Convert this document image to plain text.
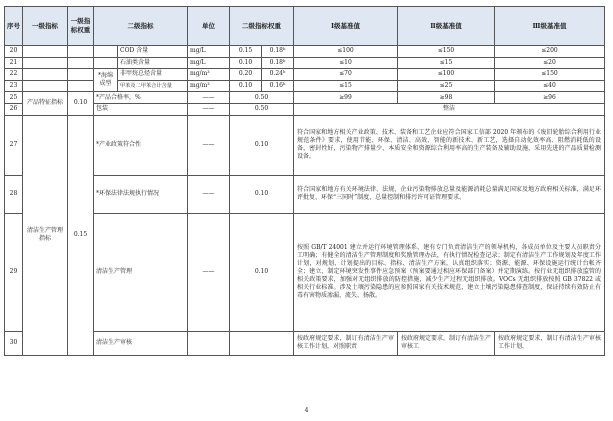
序号	一级指标	一级指标权重	二级指标		单位	二级指标权重		Ⅰ级基准值	Ⅱ级基准值	Ⅲ级基准值
20				COD 含量	mg/L	0.15	0.18ᵇ	≤100	≤150	≤200
21				石油类含量	mg/L	0.10	0.18ᵇ	≤10	≤15	≤20
22			*海绵成型	非甲烷总烃含量	mg/m³	0.20	0.24ᵇ	≤70	≤100	≤150
23				甲苯及二甲苯合计含量	mg/m³	0.10	0.16ᵇ	≤15	≤25	≤40
25	产品特征指标	0.10	*产品合格率，%		——	0.50		≥99	≥98	≥96
26			包装		——	0.50		整洁		
27	清洁生产管理指标	0.15	*产业政策符合性		——	0.10		符合国家和地方相关产业政策、技术、装备和工艺企业应符合国家工信部 2020 年颁布的《废旧轮胎综合利用行业规范条件》要求，使用节能、环保、清洁、高效、智能的新技术、新工艺，选择自动化效率高、阻燃消耗低的设备，密封性好，污染物产排量少、本质安全和资源综合利用率高的生产装备及辅助设施，采用先进的产品质量检测设备。		
28			*环保法律法规执行情况		——	0.10		符合国家和地方有关环境法律、法规，企业污染物排放总量及能源消耗总量满足国家及地方政府相关标准，满足环评批复、环保“三同时”制度、总量控制和排污许可证管理要求。		
29			清洁生产管理		——	0.10		按照 GB/T 24001 建立并运行环境管理体系，建有专门负责清洁生产的领导机构，各成员单位及主要人员职责分工明确；有健全的清洁生产管理制度和奖励管理办法，有执行情况检查记录；制定有清洁生产工作规划及年度工作计划，对规划、计划提出的目标、指标、清洁生产方案，认真组织落实；资源、能源、环保设施运行统计台帐齐全；建立、制定环境突发性事件应急预案（预案要通过相应环保部门备案）并定期演练。按行业无组织排放监管的相关政策要求，加强对无组织排放的防控措施，减少生产过程无组织排放。VOCs 无组织排放按照 GB 37822 或相关行业标准。涉及土壤污染隐患的应参照国家有关技术规范，建立土壤污染隐患排查制度，保证持续有效防止有毒有害物质渗漏、流失、扬散。		
30			清洁生产审核					按政府规定要求，制订有清洁生产审核工作计划，对照职责	按政府规定要求，制订有清洁生产审核工	按政府规定要求，制订有清洁生产审核工作计划，
4
